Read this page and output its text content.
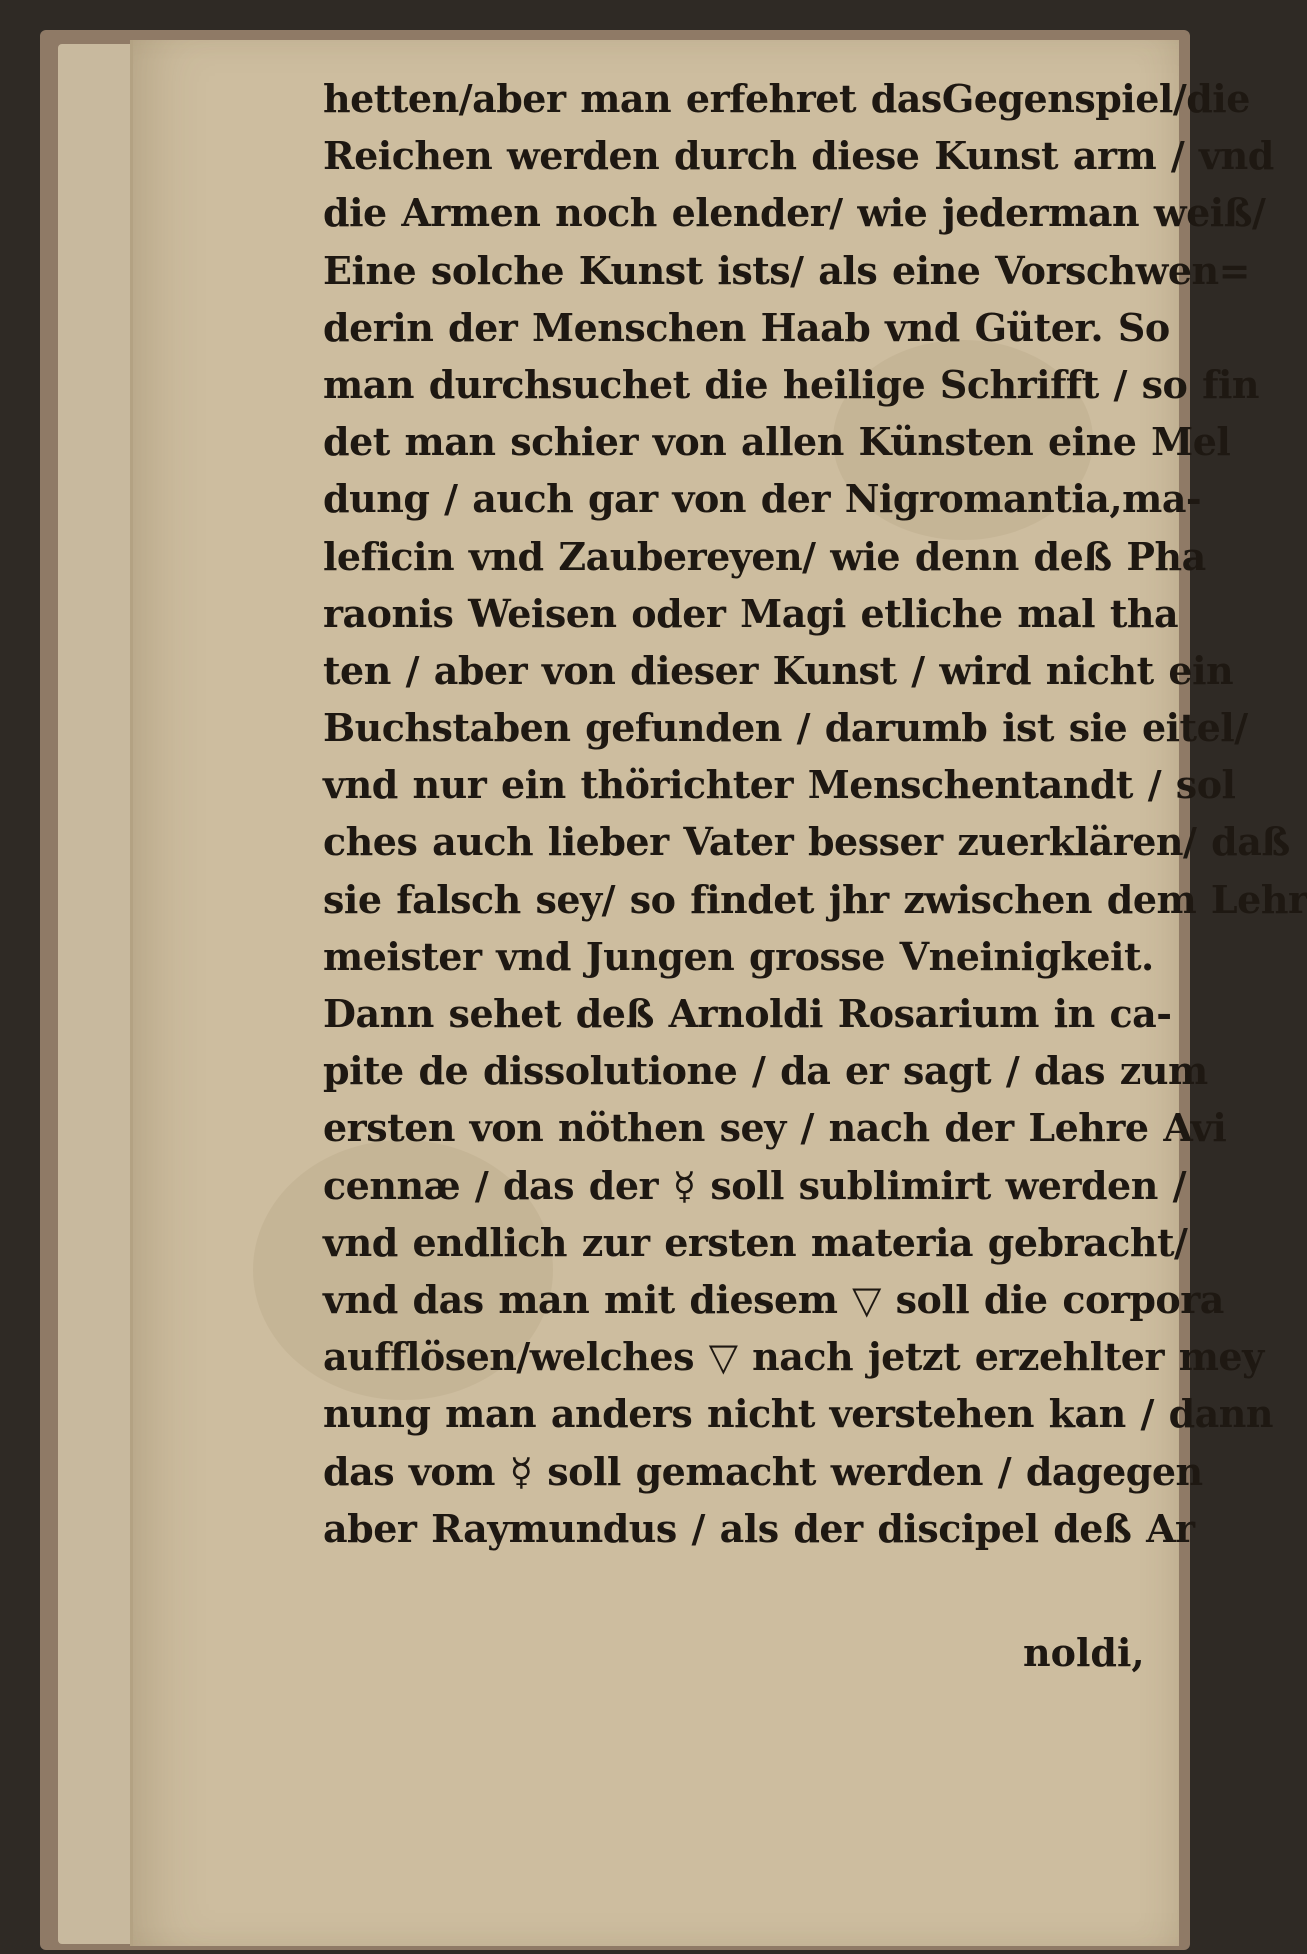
hetten/aber man erfehret dasGegenspiel/die
Reichen werden durch diese Kunst arm / vnd
die Armen noch elender/ wie jederman weiß/
Eine solche Kunst ists/ als eine Vorschwen=
derin der Menschen Haab vnd Güter. So
man durchsuchet die heilige Schrifft / so fin
det man schier von allen Künsten eine Mel
dung / auch gar von der Nigromantia,ma-
leficin vnd Zaubereyen/ wie denn deß Pha
raonis Weisen oder Magi etliche mal tha
ten / aber von dieser Kunst / wird nicht ein
Buchstaben gefunden / darumb ist sie eitel/
vnd nur ein thörichter Menschentandt / sol
ches auch lieber Vater besser zuerklären/ daß
sie falsch sey/ so findet jhr zwischen dem Lehr
meister vnd Jungen grosse Vneinigkeit.
Dann sehet deß Arnoldi Rosarium in ca-
pite de dissolutione / da er sagt / das zum
ersten von nöthen sey / nach der Lehre Avi
cennæ / das der ☿ soll sublimirt werden /
vnd endlich zur ersten materia gebracht/
vnd das man mit diesem ▽ soll die corpora
aufflösen/welches ▽ nach jetzt erzehlter mey
nung man anders nicht verstehen kan / dann
das vom ☿ soll gemacht werden / dagegen
aber Raymundus / als der discipel deß Ar
noldi,
